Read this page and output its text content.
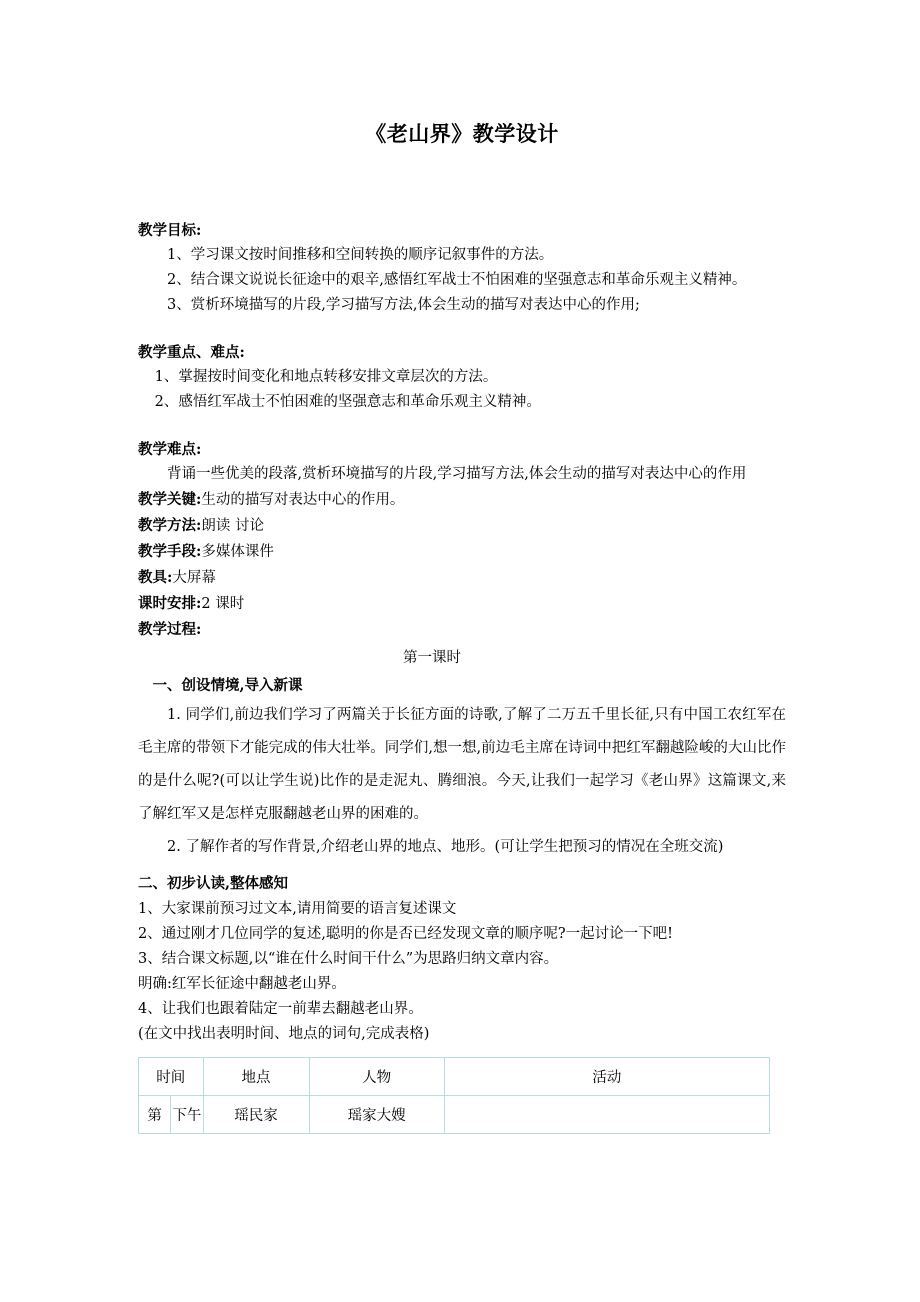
《老山界》教学设计

教学目标:

1、学习课文按时间推移和空间转换的顺序记叙事件的方法。

2、结合课文说说长征途中的艰辛,感悟红军战士不怕困难的坚强意志和革命乐观主义精神。

3、赏析环境描写的片段,学习描写方法,体会生动的描写对表达中心的作用;

教学重点、难点:

1、掌握按时间变化和地点转移安排文章层次的方法。

2、感悟红军战士不怕困难的坚强意志和革命乐观主义精神。

教学难点:

背诵一些优美的段落,赏析环境描写的片段,学习描写方法,体会生动的描写对表达中心的作用

教学关键:生动的描写对表达中心的作用。

教学方法:朗读 讨论

教学手段:多媒体课件

教具:大屏幕

课时安排:2 课时

教学过程:

第一课时

一、创设情境,导入新课

1. 同学们,前边我们学习了两篇关于长征方面的诗歌,了解了二万五千里长征,只有中国工农红军在毛主席的带领下才能完成的伟大壮举。同学们,想一想,前边毛主席在诗词中把红军翻越险峻的大山比作的是什么呢?(可以让学生说)比作的是走泥丸、腾细浪。今天,让我们一起学习《老山界》这篇课文,来了解红军又是怎样克服翻越老山界的困难的。

2. 了解作者的写作背景,介绍老山界的地点、地形。(可让学生把预习的情况在全班交流)

二、初步认读,整体感知

1、大家课前预习过文本,请用简要的语言复述课文

2、通过刚才几位同学的复述,聪明的你是否已经发现文章的顺序呢?一起讨论一下吧!

3、结合课文标题,以“谁在什么时间干什么”为思路归纳文章内容。

明确:红军长征途中翻越老山界。

4、让我们也跟着陆定一前辈去翻越老山界。

(在文中找出表明时间、地点的词句,完成表格)

时间		地点	人物	活动
第	下午	瑶民家	瑶家大嫂	
